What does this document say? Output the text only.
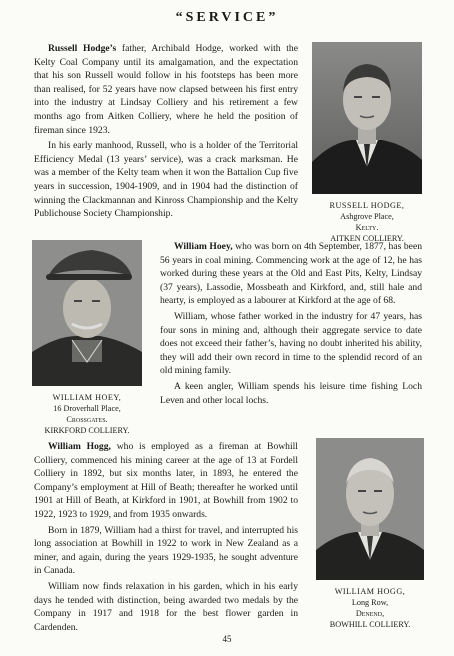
“SERVICE”

Russell Hodge’s father, Archibald Hodge, worked with the Kelty Coal Company until its amalgamation, and the expectation that his son Russell would follow in his footsteps has been more than realised, for 52 years have now clapsed between his first entry into the industry at Lindsay Colliery and his retirement a few months ago from Aitken Colliery, where he held the position of fireman since 1923.

In his early manhood, Russell, who is a holder of the Territorial Efficiency Medal (13 years’ service), was a crack marksman. He was a member of the Kelty team when it won the Battalion Cup five years in succession, 1904-1909, and in 1904 had the distinction of winning the Clackmannan and Kinross Championship and the Kelty Publichouse Society Championship.

RUSSELL HODGE,
Ashgrove Place,
Kelty.
AITKEN COLLIERY.
WILLIAM HOEY,
16 Droverhall Place,
Crossgates.
KIRKFORD COLLIERY.

William Hoey, who was born on 4th September, 1877, has been 56 years in coal mining. Commencing work at the age of 12, he has worked during these years at the Old and East Pits, Kelty, Lindsay (37 years), Lassodie, Mossbeath and Kirkford, and, still hale and hearty, is employed as a labourer at Kirkford at the age of 68.

William, whose father worked in the industry for 47 years, has four sons in mining and, although their aggregate service to date does not exceed their father’s, having no doubt inherited his ability, they will add their own record in time to the splendid record of an old mining family.

A keen angler, William spends his leisure time fishing Loch Leven and other local lochs.

William Hogg, who is employed as a fireman at Bowhill Colliery, commenced his mining career at the age of 13 at Fordell Colliery in 1892, but six months later, in 1893, he entered the Company’s employment at Hill of Beath; thereafter he worked until 1901 at Hill of Beath, at Kirkford in 1901, at Bowhill from 1902 to 1922, 1923 to 1929, and from 1935 onwards.

Born in 1879, William had a thirst for travel, and interrupted his long association at Bowhill in 1922 to work in New Zealand as a miner, and again, during the years 1929-1935, he sought adventure in Canada.

William now finds relaxation in his garden, which in his early days he tended with distinction, being awarded two medals by the Company in 1917 and 1918 for the best flower garden in Cardenden.

WILLIAM HOGG,
Long Row,
Denend,
BOWHILL COLLIERY.
45
